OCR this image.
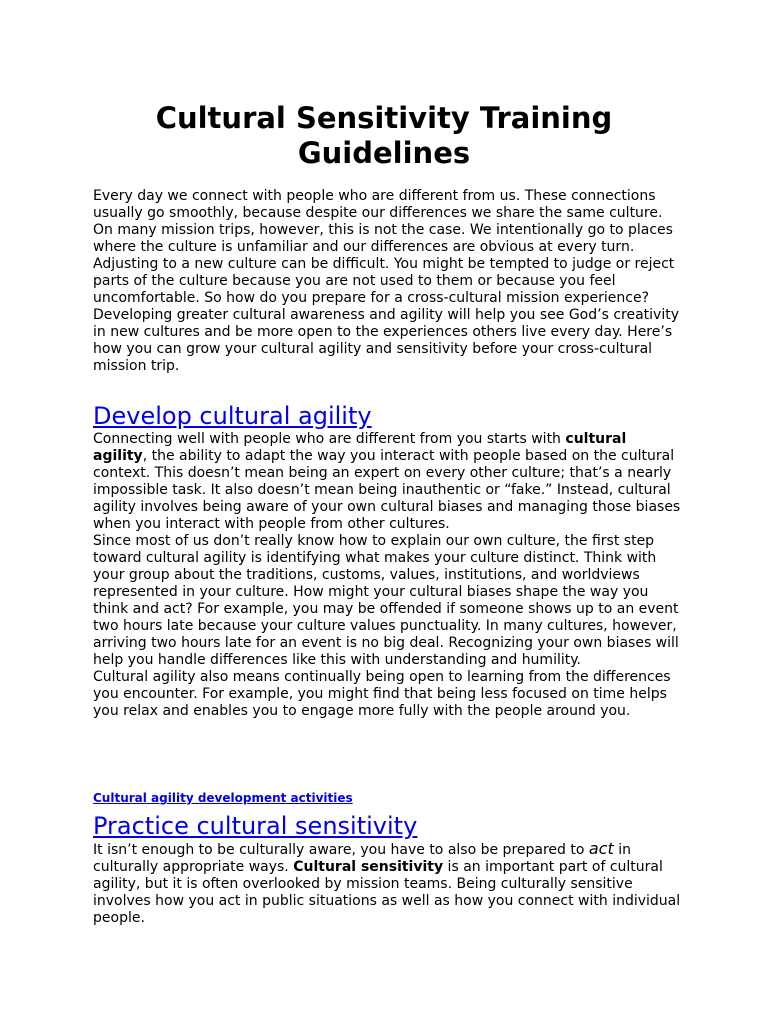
Cultural Sensitivity Training Guidelines

Every day we connect with people who are different from us. These connections usually go smoothly, because despite our differences we share the same culture. On many mission trips, however, this is not the case. We intentionally go to places where the culture is unfamiliar and our differences are obvious at every turn. Adjusting to a new culture can be difficult. You might be tempted to judge or reject parts of the culture because you are not used to them or because you feel uncomfortable. So how do you prepare for a cross-cultural mission experience?

Developing greater cultural awareness and agility will help you see God’s creativity in new cultures and be more open to the experiences others live every day. Here’s how you can grow your cultural agility and sensitivity before your cross-cultural mission trip.

Develop cultural agility

Connecting well with people who are different from you starts with cultural agility, the ability to adapt the way you interact with people based on the cultural context. This doesn’t mean being an expert on every other culture; that’s a nearly impossible task. It also doesn’t mean being inauthentic or “fake.” Instead, cultural agility involves being aware of your own cultural biases and managing those biases when you interact with people from other cultures.

Since most of us don’t really know how to explain our own culture, the first step toward cultural agility is identifying what makes your culture distinct. Think with your group about the traditions, customs, values, institutions, and worldviews represented in your culture. How might your cultural biases shape the way you think and act? For example, you may be offended if someone shows up to an event two hours late because your culture values punctuality. In many cultures, however, arriving two hours late for an event is no big deal. Recognizing your own biases will help you handle differences like this with understanding and humility.

Cultural agility also means continually being open to learning from the differences you encounter. For example, you might find that being less focused on time helps you relax and enables you to engage more fully with the people around you.

Cultural agility development activities
Practice cultural sensitivity

It isn’t enough to be culturally aware, you have to also be prepared to act in culturally appropriate ways. Cultural sensitivity is an important part of cultural agility, but it is often overlooked by mission teams. Being culturally sensitive involves how you act in public situations as well as how you connect with individual people.
